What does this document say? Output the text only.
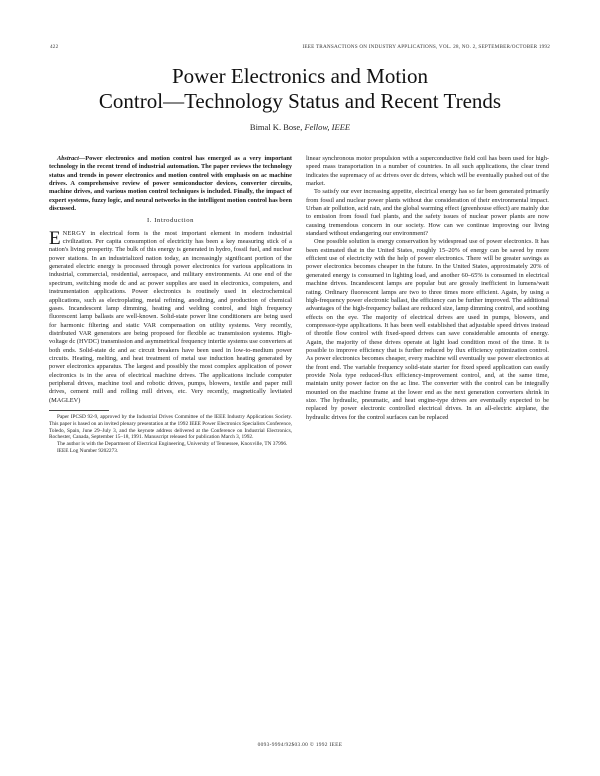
422	IEEE TRANSACTIONS ON INDUSTRY APPLICATIONS, VOL. 28, NO. 2, SEPTEMBER/OCTOBER 1992
Power Electronics and Motion
Control—Technology Status and Recent Trends
Bimal K. Bose, Fellow, IEEE

Abstract—Power electronics and motion control has emerged as a very important technology in the recent trend of industrial automation. The paper reviews the technology status and trends in power electronics and motion control with emphasis on ac machine drives. A comprehensive review of power semiconductor devices, converter circuits, machine drives, and various motion control techniques is included. Finally, the impact of expert systems, fuzzy logic, and neural networks in the intelligent motion control has been discussed.

I. Introduction

ENERGY in electrical form is the most important element in modern industrial civilization. Per capita consumption of electricity has been a key measuring stick of a nation's living prosperity. The bulk of this energy is generated in hydro, fossil fuel, and nuclear power stations. In an industrialized nation today, an increasingly significant portion of the generated electric energy is processed through power electronics for various applications in industrial, commercial, residential, aerospace, and military environments. At one end of the spectrum, switching mode dc and ac power supplies are used in electronics, computers, and instrumentation applications. Power electronics is routinely used in electrochemical applications, such as electroplating, metal refining, anodizing, and production of chemical gases. Incandescent lamp dimming, heating and welding control, and high frequency fluorescent lamp ballasts are well-known. Solid-state power line conditioners are being used for harmonic filtering and static VAR compensation on utility systems. Very recently, distributed VAR generators are being proposed for flexible ac transmission systems. High-voltage dc (HVDC) transmission and asymmetrical frequency intertie systems use converters at both ends. Solid-state dc and ac circuit breakers have been used in low-to-medium power circuits. Heating, melting, and heat treatment of metal use induction heating generated by power electronics apparatus. The largest and possibly the most complex application of power electronics is in the area of electrical machine drives. The applications include computer peripheral drives, machine tool and robotic drives, pumps, blowers, textile and paper mill drives, cement mill and rolling mill drives, etc. Very recently, magnetically levitated (MAGLEV)

Paper IPCSD 92-9, approved by the Industrial Drives Committee of the IEEE Industry Applications Society. This paper is based on an invited plenary presentation at the 1992 IEEE Power Electronics Specialists Conference, Toledo, Spain, June 29–July 3, and the keynote address delivered at the Conference on Industrial Electronics, Rochester, Canada, September 15–18, 1991. Manuscript released for publication March 3, 1992.

The author is with the Department of Electrical Engineering, University of Tennessee, Knoxville, TN 37996.

IEEE Log Number 9202273.

linear synchronous motor propulsion with a superconductive field coil has been used for high-speed mass transportation in a number of countries. In all such applications, the clear trend indicates the supremacy of ac drives over dc drives, which will be eventually pushed out of the market.

To satisfy our ever increasing appetite, electrical energy has so far been generated primarily from fossil and nuclear power plants without due consideration of their environmental impact. Urban air pollution, acid rain, and the global warming effect (greenhouse effect) are mainly due to emission from fossil fuel plants, and the safety issues of nuclear power plants are now causing tremendous concern in our society. How can we continue improving our living standard without endangering our environment?

One possible solution is energy conservation by widespread use of power electronics. It has been estimated that in the United States, roughly 15–20% of energy can be saved by more efficient use of electricity with the help of power electronics. There will be greater savings as power electronics becomes cheaper in the future. In the United States, approximately 20% of generated energy is consumed in lighting load, and another 60–65% is consumed in electrical machine drives. Incandescent lamps are popular but are grossly inefficient in lumens/watt rating. Ordinary fluorescent lamps are two to three times more efficient. Again, by using a high-frequency power electronic ballast, the efficiency can be further improved. The additional advantages of the high-frequency ballast are reduced size, lamp dimming control, and soothing effects on the eye. The majority of electrical drives are used in pumps, blowers, and compressor-type applications. It has been well established that adjustable speed drives instead of throttle flow control with fixed-speed drives can save considerable amounts of energy. Again, the majority of these drives operate at light load condition most of the time. It is possible to improve efficiency that is further reduced by flux efficiency optimization control. As power electronics becomes cheaper, every machine will eventually use power electronics at the front end. The variable frequency solid-state starter for fixed speed application can easily provide Nola type reduced-flux efficiency-improvement control, and, at the same time, maintain unity power factor on the ac line. The converter with the control can be integrally mounted on the machine frame at the lower end as the next generation converters shrink in size. The hydraulic, pneumatic, and heat engine-type drives are eventually expected to be replaced by power electronic controlled electrical drives. In an all-electric airplane, the hydraulic drives for the control surfaces can be replaced

0093-9994/92$03.00 © 1992 IEEE
